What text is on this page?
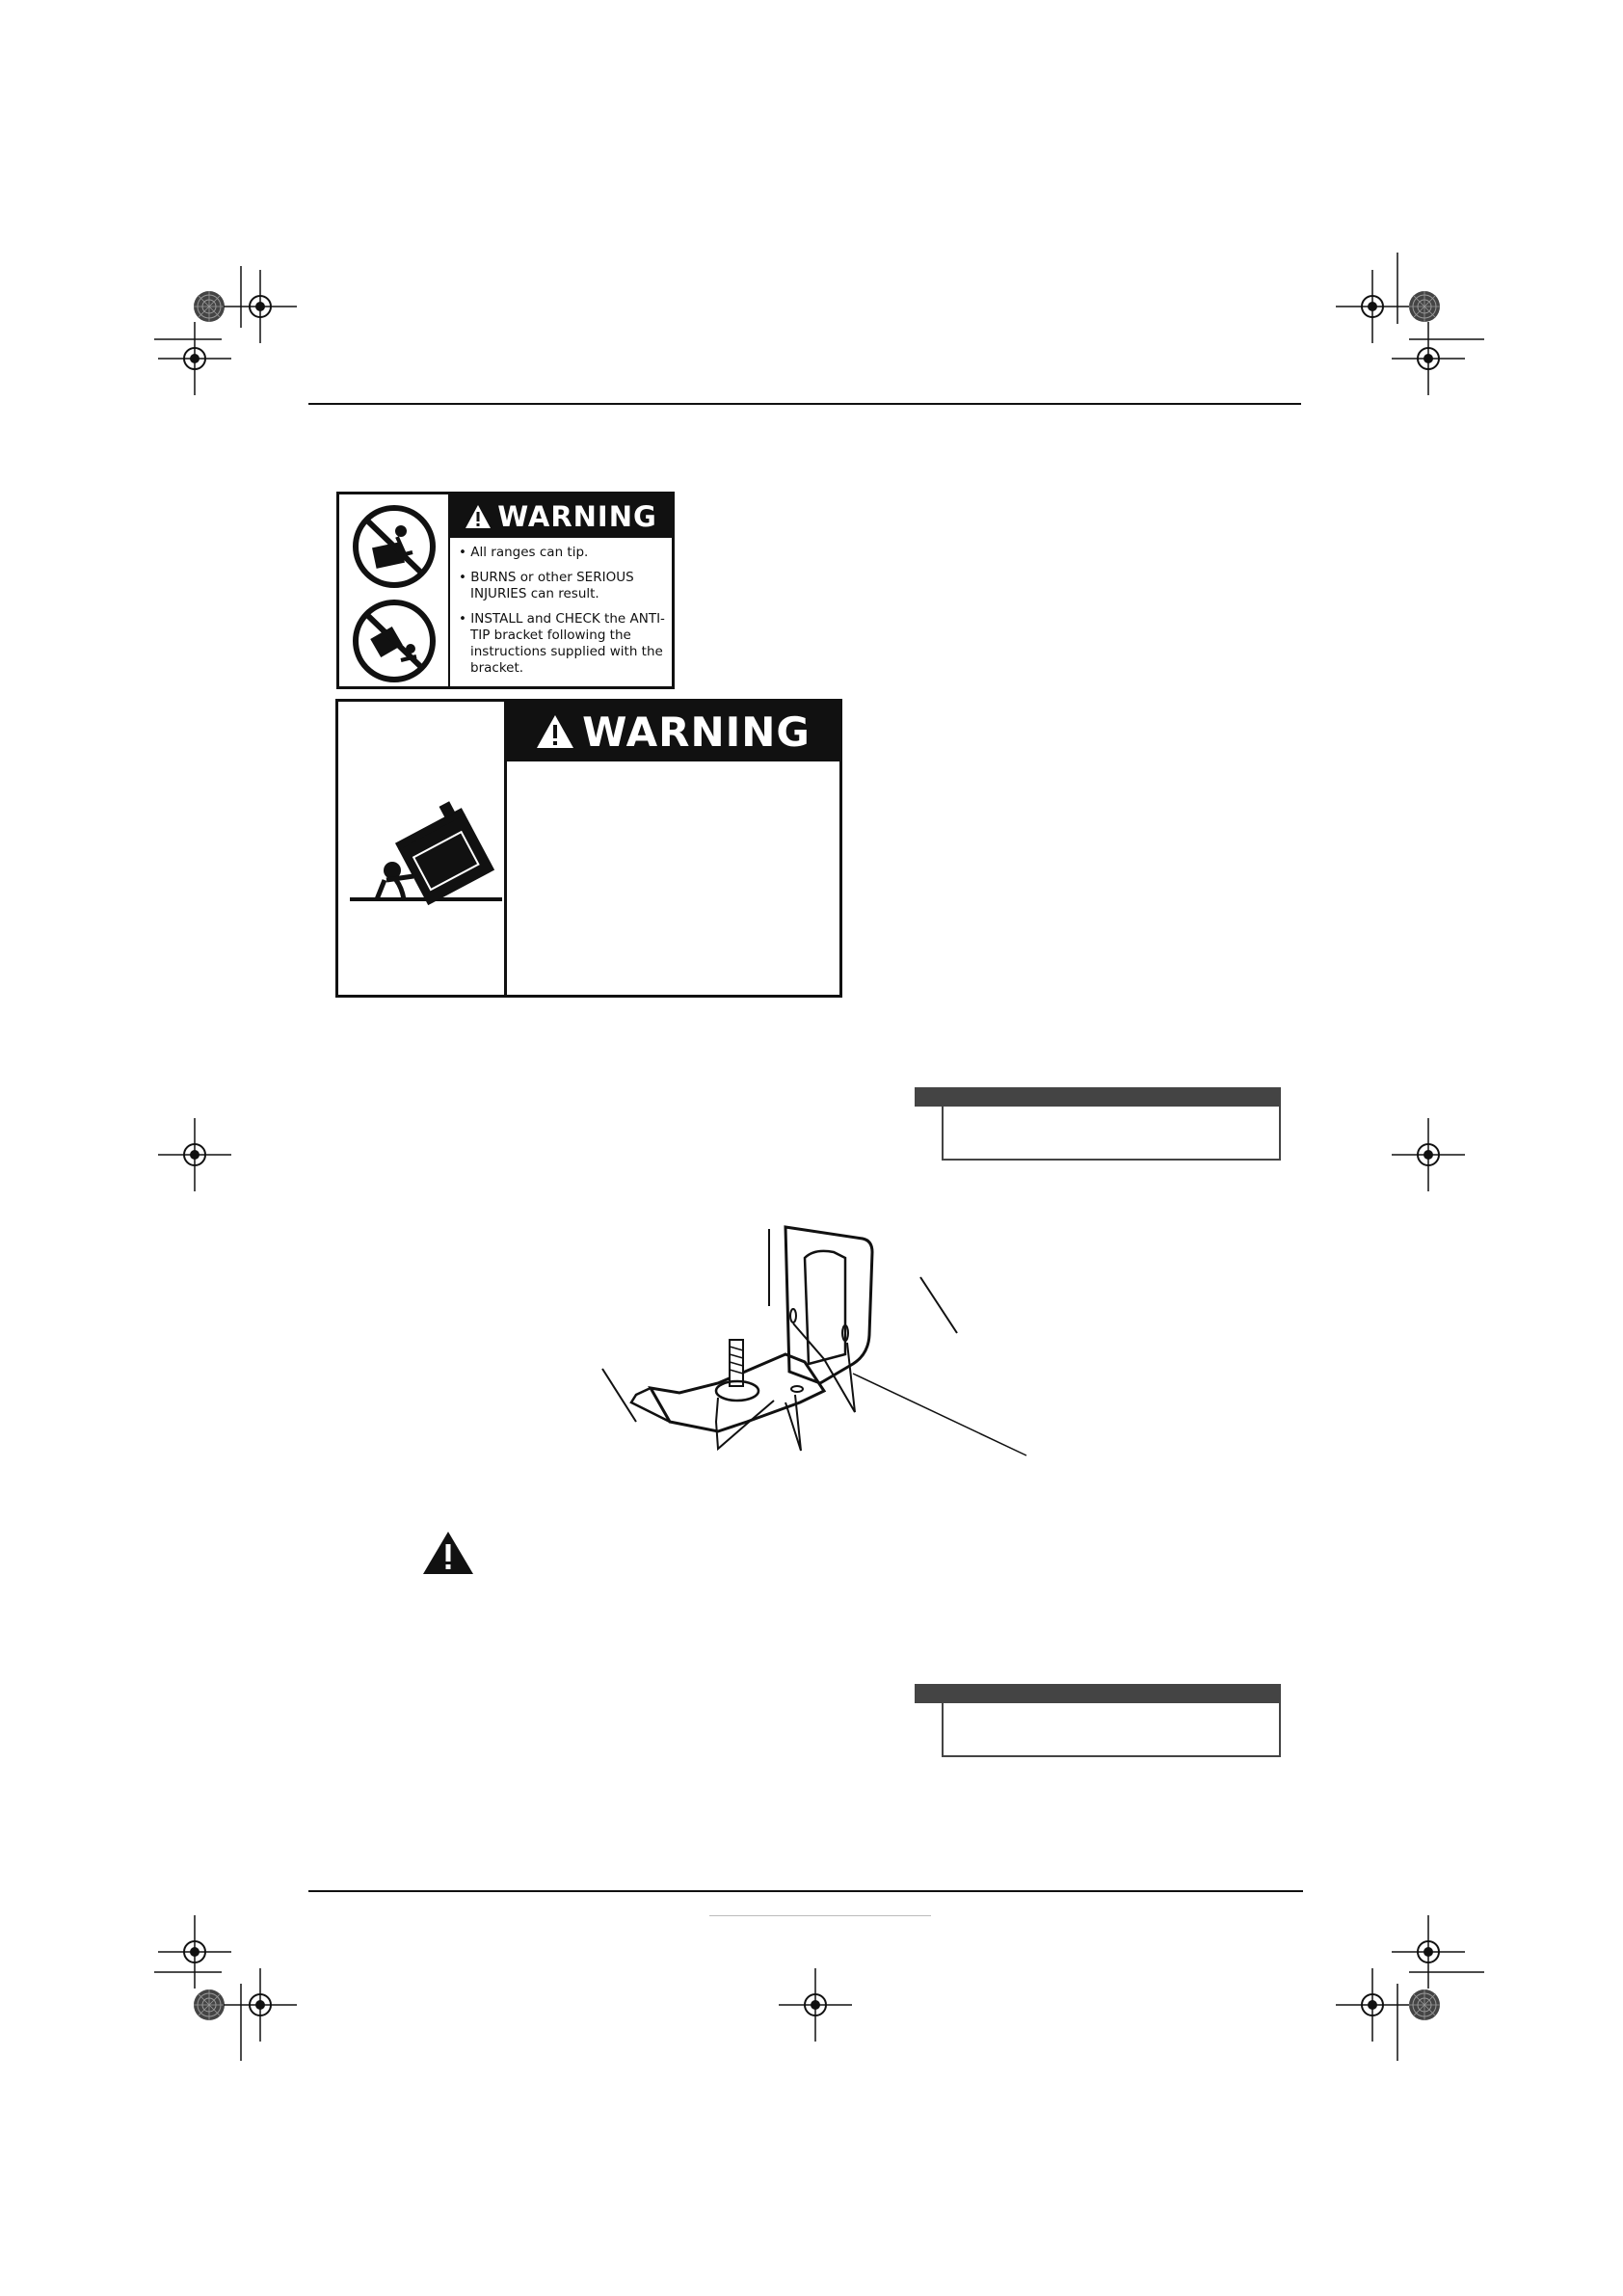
WARNING
• All ranges can tip.
• BURNS or other SERIOUS INJURIES can result.
• INSTALL and CHECK the ANTI-TIP bracket following the instructions supplied with the bracket.
WARNING
